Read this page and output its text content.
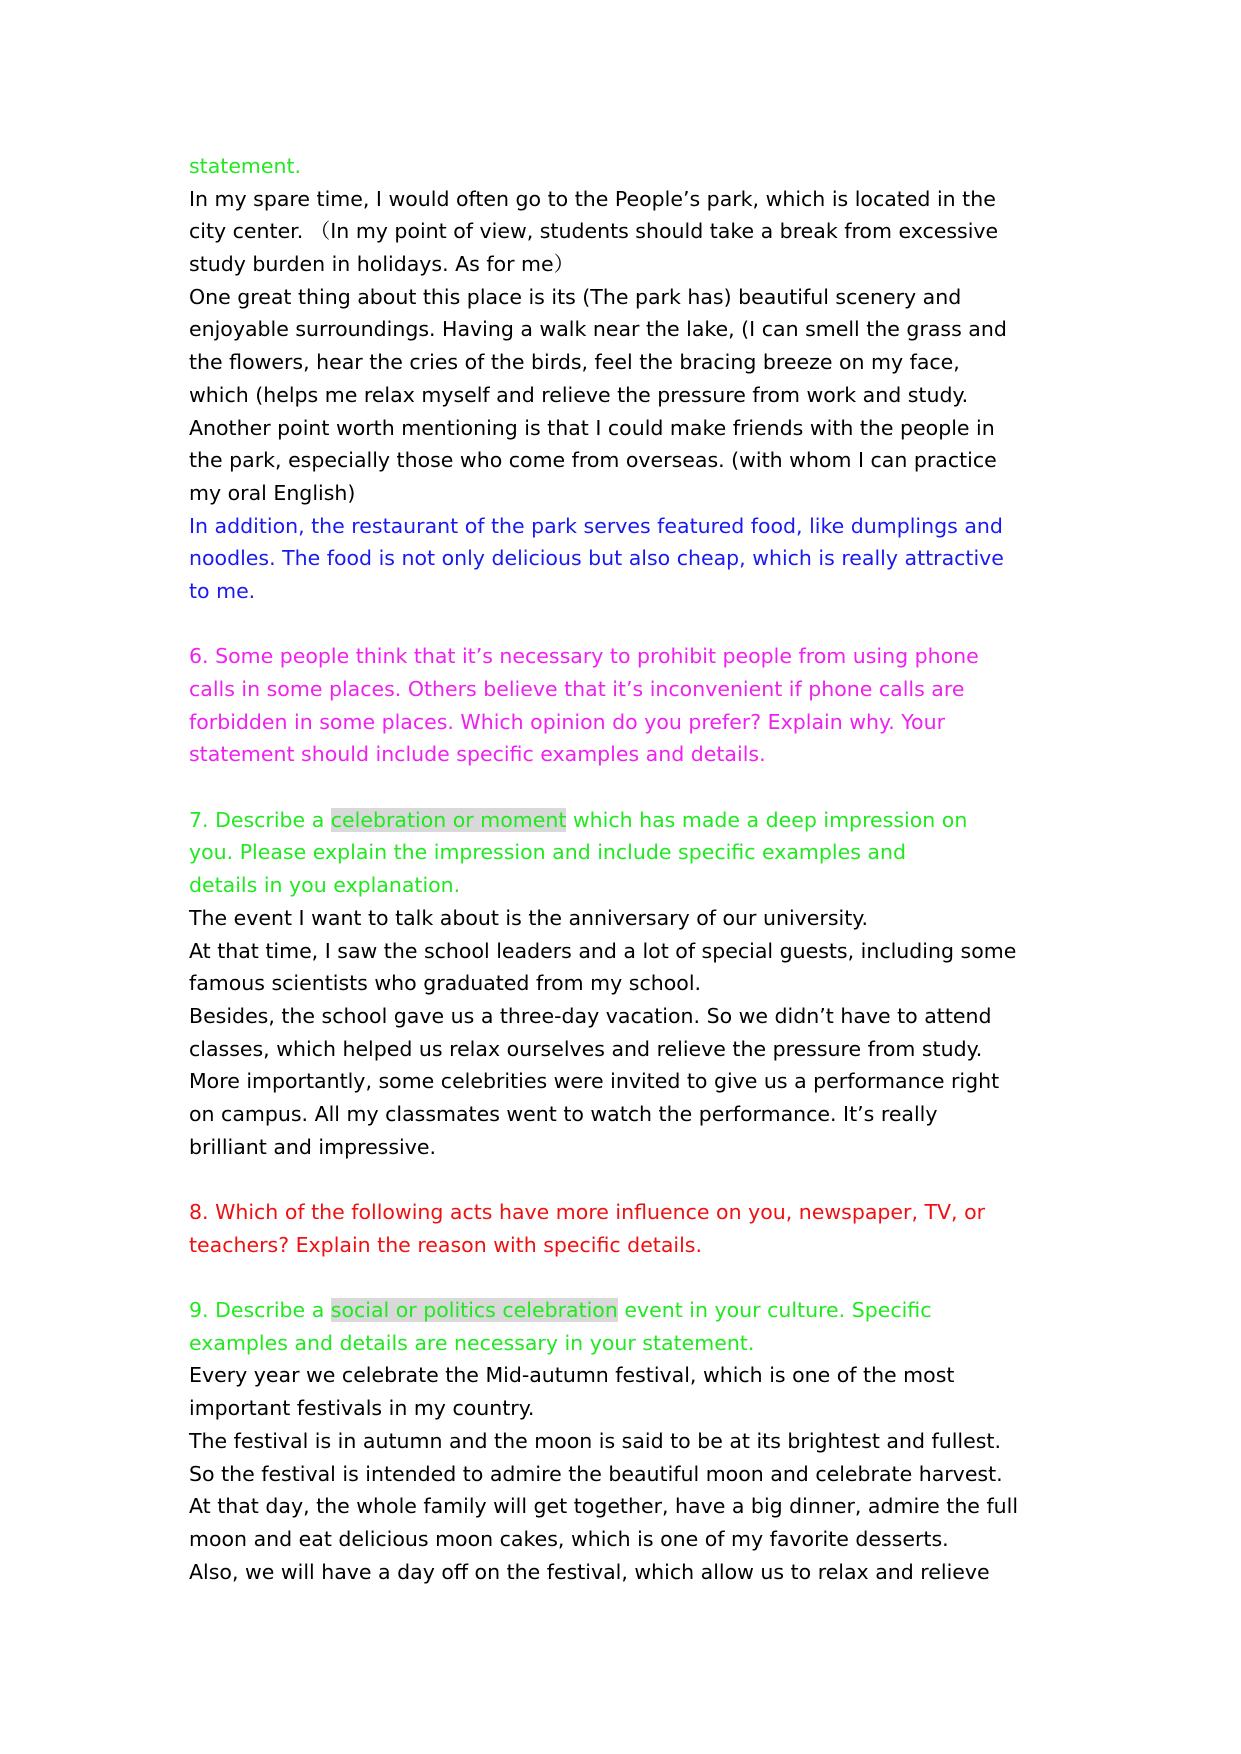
statement.
In my spare time, I would often go to the People’s park, which is located in the
city center. （In my point of view, students should take a break from excessive
study burden in holidays. As for me）
One great thing about this place is its (The park has) beautiful scenery and
enjoyable surroundings. Having a walk near the lake, (I can smell the grass and
the flowers, hear the cries of the birds, feel the bracing breeze on my face,
which (helps me relax myself and relieve the pressure from work and study.
Another point worth mentioning is that I could make friends with the people in
the park, especially those who come from overseas. (with whom I can practice
my oral English)
In addition, the restaurant of the park serves featured food, like dumplings and
noodles. The food is not only delicious but also cheap, which is really attractive
to me.
6. Some people think that it’s necessary to prohibit people from using phone
calls in some places. Others believe that it’s inconvenient if phone calls are
forbidden in some places. Which opinion do you prefer? Explain why. Your
statement should include specific examples and details.
7. Describe a celebration or moment which has made a deep impression on
you. Please explain the impression and include specific examples and
details in you explanation.
The event I want to talk about is the anniversary of our university.
At that time, I saw the school leaders and a lot of special guests, including some
famous scientists who graduated from my school.
Besides, the school gave us a three-day vacation. So we didn’t have to attend
classes, which helped us relax ourselves and relieve the pressure from study.
More importantly, some celebrities were invited to give us a performance right
on campus. All my classmates went to watch the performance. It’s really
brilliant and impressive.
8. Which of the following acts have more influence on you, newspaper, TV, or
teachers? Explain the reason with specific details.
9. Describe a social or politics celebration event in your culture. Specific
examples and details are necessary in your statement.
Every year we celebrate the Mid-autumn festival, which is one of the most
important festivals in my country.
The festival is in autumn and the moon is said to be at its brightest and fullest.
So the festival is intended to admire the beautiful moon and celebrate harvest.
At that day, the whole family will get together, have a big dinner, admire the full
moon and eat delicious moon cakes, which is one of my favorite desserts.
Also, we will have a day off on the festival, which allow us to relax and relieve
